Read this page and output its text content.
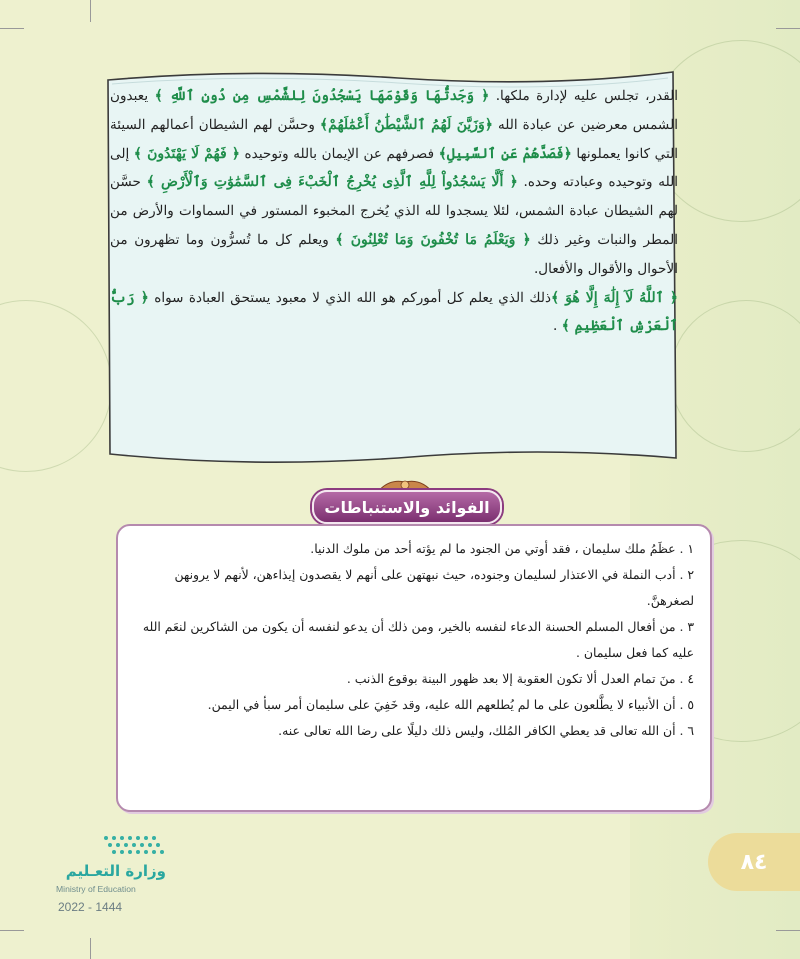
القدر، تجلس عليه لإدارة ملكها. ﴿ وَجَدتُّهَا وَقَوْمَهَا يَسْجُدُونَ لِلشَّمْسِ مِن دُونِ ٱللَّهِ ﴾ يعبدون الشمس معرضين عن عبادة الله ﴿وَزَيَّنَ لَهُمُ ٱلشَّيْطَٰنُ أَعْمَٰلَهُمْ﴾ وحسَّن لهم الشيطان أعمالهم السيئة التي كانوا يعملونها ﴿فَصَدَّهُمْ عَنِ ٱلسَّبِيلِ﴾ فصرفهم عن الإيمان بالله وتوحيده ﴿ فَهُمْ لَا يَهْتَدُونَ ﴾ إلى الله وتوحيده وعبادته وحده. ﴿ أَلَّا يَسْجُدُواْ لِلَّهِ ٱلَّذِى يُخْرِجُ ٱلْخَبْءَ فِى ٱلسَّمَٰوَٰتِ وَٱلْأَرْضِ ﴾ حسَّن لهم الشيطان عبادة الشمس، لئلا يسجدوا لله الذي يُخرج المخبوء المستور في السماوات والأرض من المطر والنبات وغير ذلك ﴿ وَيَعْلَمُ مَا تُخْفُونَ وَمَا تُعْلِنُونَ ﴾ ويعلم كل ما تُسرُّون وما تظهرون من الأحوال والأقوال والأفعال.

﴿ ٱللَّهُ لَآ إِلَٰهَ إِلَّا هُوَ ﴾ذلك الذي يعلم كل أموركم هو الله الذي لا معبود يستحق العبادة سواه ﴿ رَبُّ ٱلْعَرْشِ ٱلْعَظِيمِ ﴾ .

الفوائد والاستنباطات
١ . عظَمُ ملك سليمان ، فقد أوتي من الجنود ما لم يؤته أحد من ملوك الدنيا.
٢ . أدب النملة في الاعتذار لسليمان وجنوده، حيث نبهتهن على أنهم لا يقصدون إيذاءهن، لأنهم لا يرونهن لصغرهنَّ.
٣ . من أفعال المسلم الحسنة الدعاء لنفسه بالخير، ومن ذلك أن يدعو لنفسه أن يكون من الشاكرين لنعَم الله عليه كما فعل سليمان .
٤ . منَ تمام العدل ألا تكون العقوبة إلا بعد ظهور البينة بوقوع الذنب .
٥ . أن الأنبياء لا يطَّلعون على ما لم يُطلعهم الله عليه، وقد خَفِيَ على سليمان أمر سبأ في اليمن.
٦ . أن الله تعالى قد يعطي الكافر المُلك، وليس ذلك دليلًا على رضا الله تعالى عنه.
وزارة التعـليم
Ministry of Education
2022 - 1444
٨٤
